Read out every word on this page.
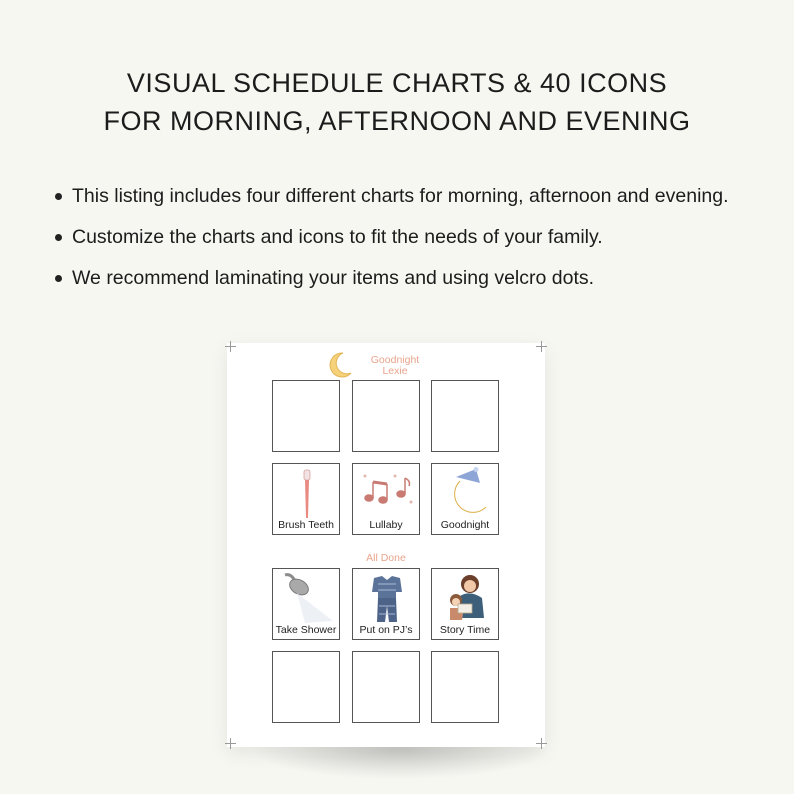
VISUAL SCHEDULE CHARTS & 40 ICONS
FOR MORNING, AFTERNOON AND EVENING
This listing includes four different charts for morning, afternoon and evening.
Customize the charts and icons to fit the needs of your family.
We recommend laminating your items and using velcro dots.
Goodnight
Lexie
Brush Teeth	Lullaby	Goodnight
All Done
Take Shower	Put on PJ’s	Story Time
